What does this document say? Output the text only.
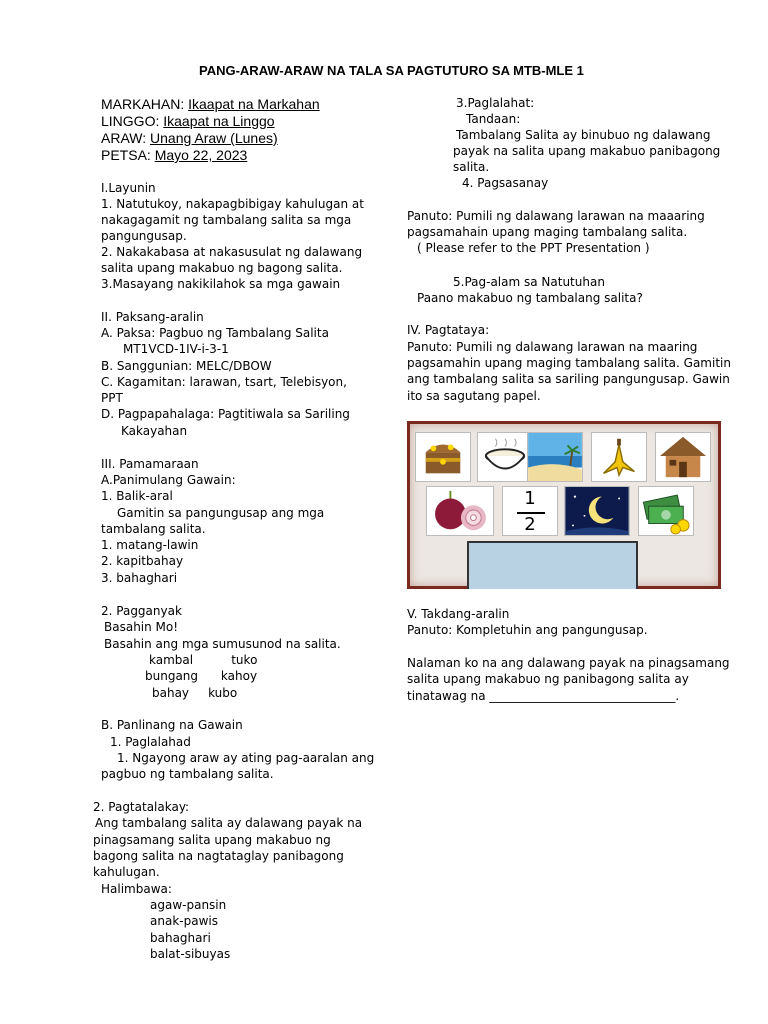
PANG-ARAW-ARAW NA TALA SA PAGTUTURO SA MTB-MLE 1
MARKAHAN: Ikaapat na Markahan
LINGGO: Ikaapat na Linggo
ARAW: Unang Araw (Lunes)
PETSA: Mayo 22, 2023
I.Layunin
1. Natutukoy, nakapagbibigay kahulugan at
nakagagamit ng tambalang salita sa mga
pangungusap.
2. Nakakabasa at nakasusulat ng dalawang
salita upang makabuo ng bagong salita.
3.Masayang nakikilahok sa mga gawain
II. Paksang-aralin
A. Paksa: Pagbuo ng Tambalang Salita
MT1VCD-1IV-i-3-1
B. Sanggunian: MELC/DBOW
C. Kagamitan: larawan, tsart, Telebisyon,
PPT
D. Pagpapahalaga: Pagtitiwala sa Sariling
Kakayahan
III. Pamamaraan
A.Panimulang Gawain:
1. Balik-aral
Gamitin sa pangungusap ang mga
tambalang salita.
1. matang-lawin
2. kapitbahay
3. bahaghari
2. Pagganyak
Basahin Mo!
Basahin ang mga sumusunod na salita.
kambal          tuko
bungang      kahoy
bahay     kubo
B. Panlinang na Gawain
1. Paglalahad
1. Ngayong araw ay ating pag-aaralan ang
pagbuo ng tambalang salita.
2. Pagtatalakay:
Ang tambalang salita ay dalawang payak na
pinagsamang salita upang makabuo ng
bagong salita na nagtataglay panibagong
kahulugan.
Halimbawa:
agaw-pansin
anak-pawis
bahaghari
balat-sibuyas
3.Paglalahat:
Tandaan:
Tambalang Salita ay binubuo ng dalawang
payak na salita upang makabuo panibagong
salita.
4. Pagsasanay
Panuto: Pumili ng dalawang larawan na maaaring
pagsamahain upang maging tambalang salita.
( Please refer to the PPT Presentation )
5.Pag-alam sa Natutuhan
Paano makabuo ng tambalang salita?
IV. Pagtataya:
Panuto: Pumili ng dalawang larawan na maaring
pagsamahin upang maging tambalang salita. Gamitin
ang tambalang salita sa sariling pangungusap. Gawin
ito sa sagutang papel.
1
2
V. Takdang-aralin
Panuto: Kompletuhin ang pangungusap.
Nalaman ko na ang dalawang payak na pinagsamang
salita upang makabuo ng panibagong salita ay
tinatawag na _______________________________.
